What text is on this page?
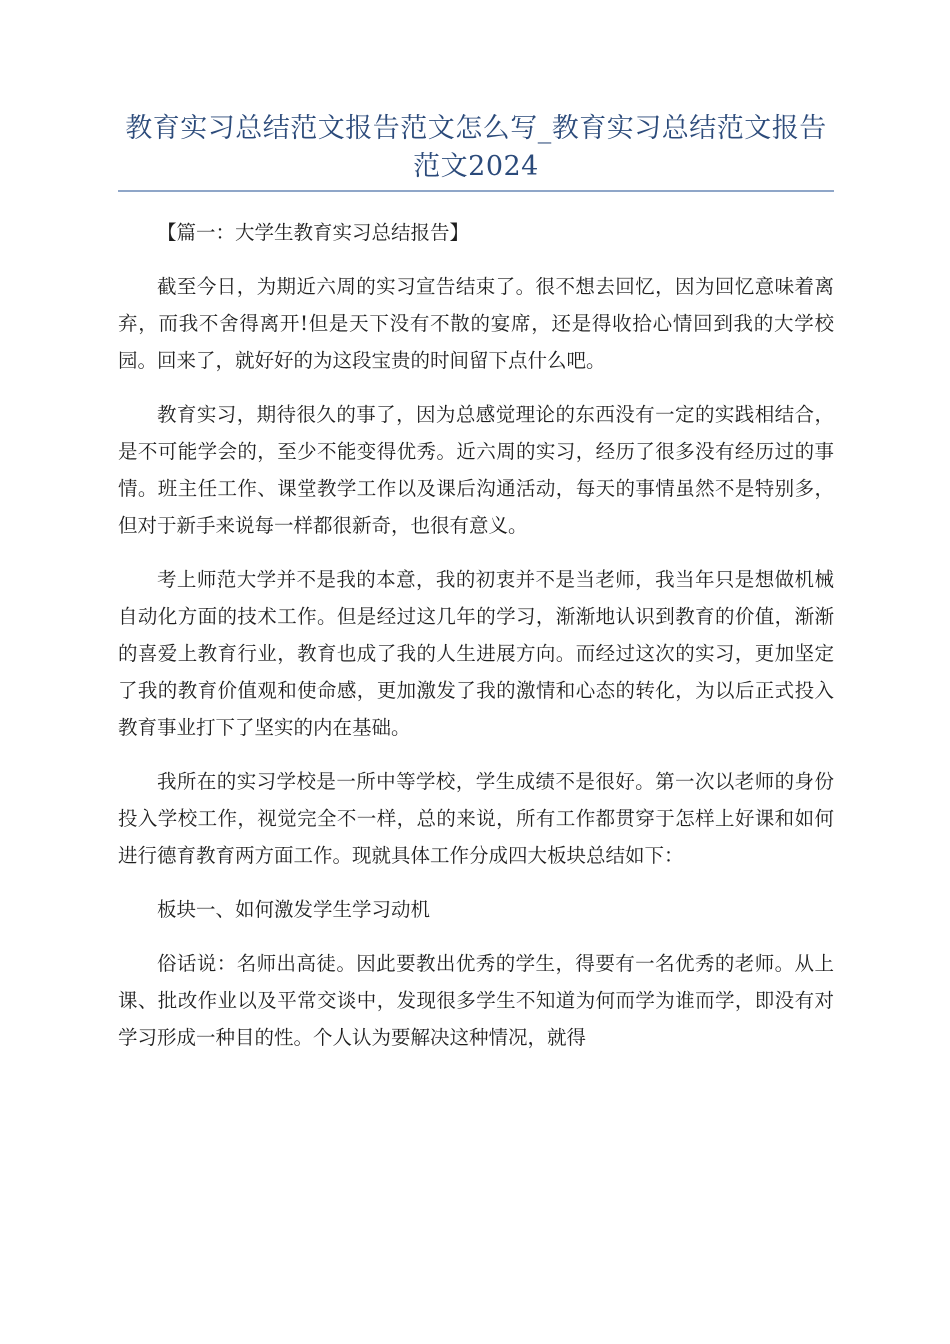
教育实习总结范文报告范文怎么写_教育实习总结范文报告范文2024

【篇一：大学生教育实习总结报告】

截至今日，为期近六周的实习宣告结束了。很不想去回忆，因为回忆意味着离弃，而我不舍得离开!但是天下没有不散的宴席，还是得收拾心情回到我的大学校园。回来了，就好好的为这段宝贵的时间留下点什么吧。

教育实习，期待很久的事了，因为总感觉理论的东西没有一定的实践相结合，是不可能学会的，至少不能变得优秀。近六周的实习，经历了很多没有经历过的事情。班主任工作、课堂教学工作以及课后沟通活动，每天的事情虽然不是特别多，但对于新手来说每一样都很新奇，也很有意义。

考上师范大学并不是我的本意，我的初衷并不是当老师，我当年只是想做机械自动化方面的技术工作。但是经过这几年的学习，渐渐地认识到教育的价值，渐渐的喜爱上教育行业，教育也成了我的人生进展方向。而经过这次的实习，更加坚定了我的教育价值观和使命感，更加激发了我的激情和心态的转化，为以后正式投入教育事业打下了坚实的内在基础。

我所在的实习学校是一所中等学校，学生成绩不是很好。第一次以老师的身份投入学校工作，视觉完全不一样，总的来说，所有工作都贯穿于怎样上好课和如何进行德育教育两方面工作。现就具体工作分成四大板块总结如下：

板块一、如何激发学生学习动机

俗话说：名师出高徒。因此要教出优秀的学生，得要有一名优秀的老师。从上课、批改作业以及平常交谈中，发现很多学生不知道为何而学为谁而学，即没有对学习形成一种目的性。个人认为要解决这种情况，就得
